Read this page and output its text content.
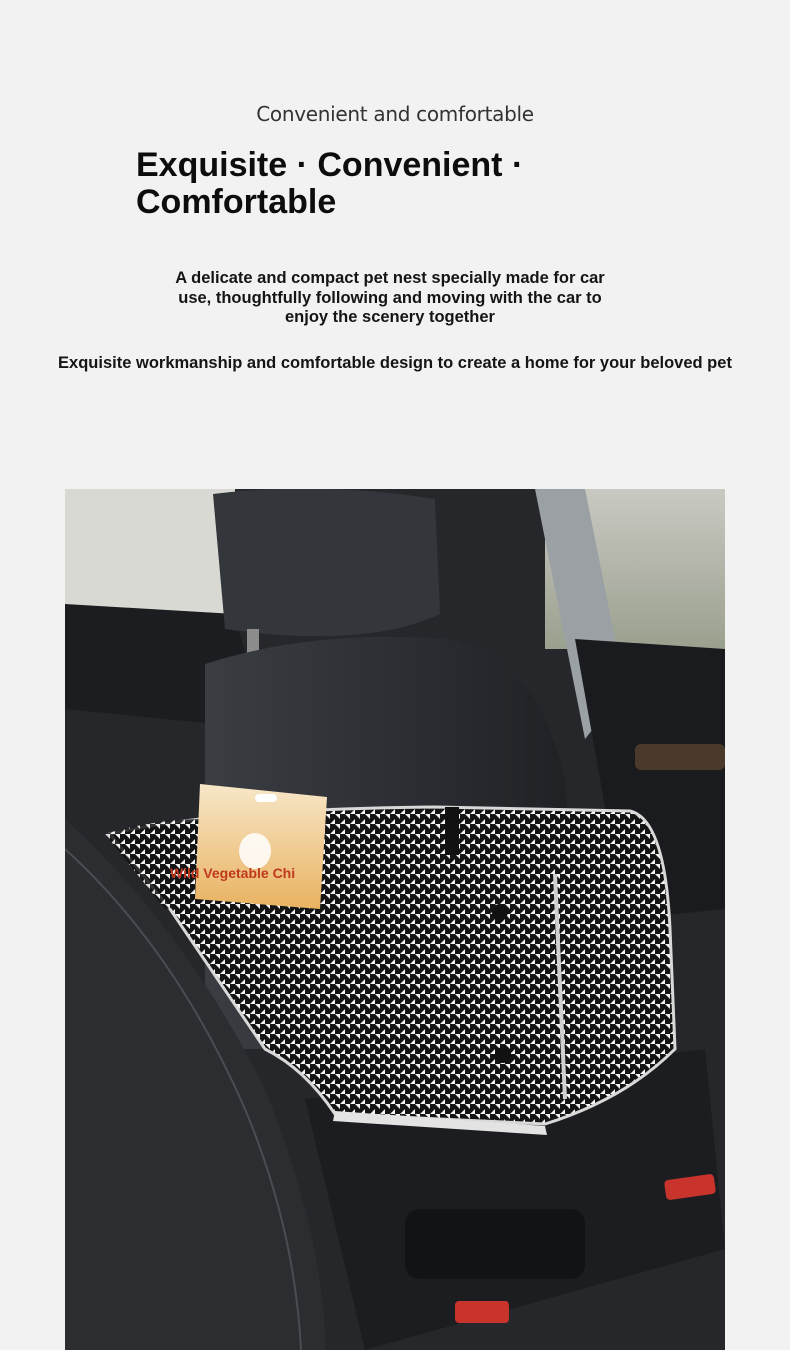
Convenient and comfortable
Exquisite · Convenient · Comfortable
A delicate and compact pet nest specially made for car use, thoughtfully following and moving with the car to enjoy the scenery together
Exquisite workmanship and comfortable design to create a home for your beloved pet
Wild Vegetable Chi
